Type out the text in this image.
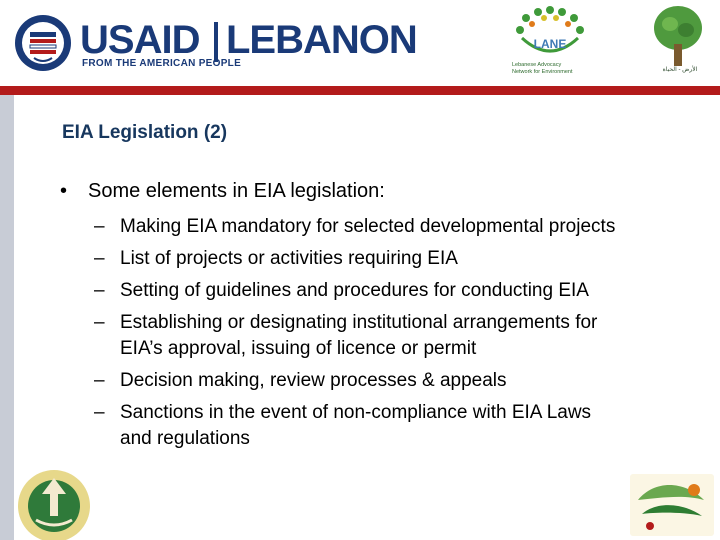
USAID LEBANON
FROM THE AMERICAN PEOPLE
LANE
Lebanese Advocacy
Network for Environment	الأرض - الحياة
EIA Legislation (2)
• Some elements in EIA legislation:
– Making EIA mandatory for selected developmental projects
– List of projects or activities requiring EIA
– Setting of guidelines and procedures for conducting EIA
– Establishing or designating institutional arrangements for EIA’s approval, issuing of licence or permit
– Decision making, review processes & appeals
– Sanctions in the event of non-compliance with EIA Laws and regulations
